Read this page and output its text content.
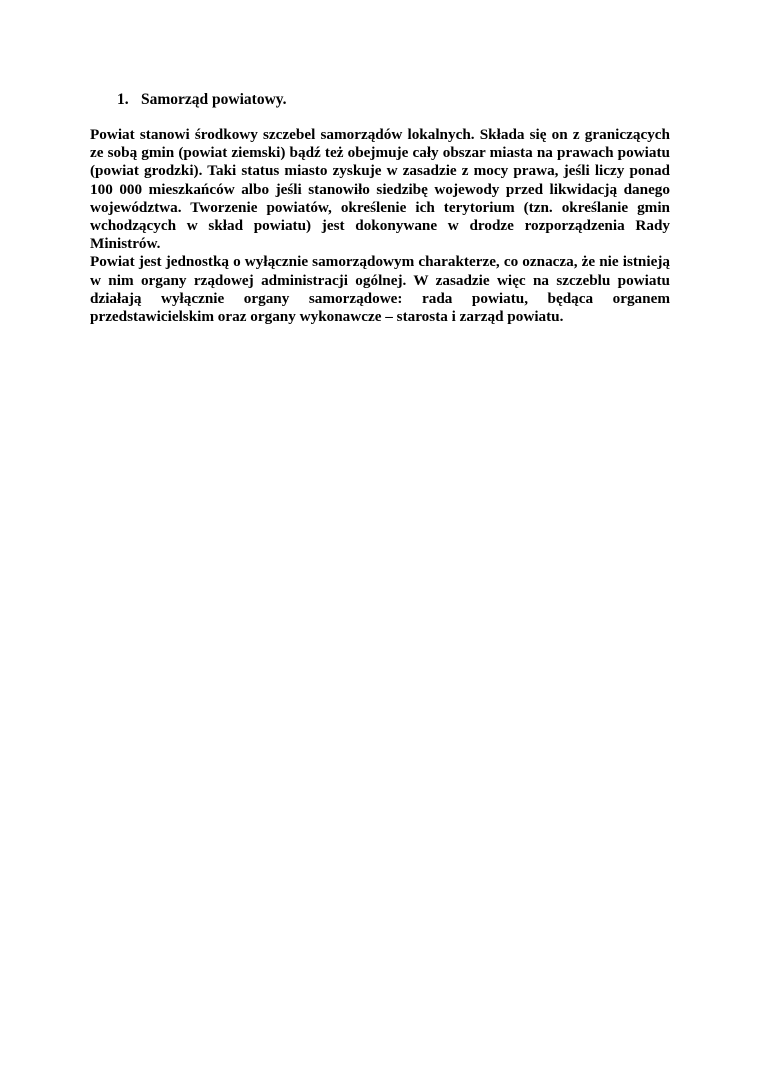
1. Samorząd powiatowy.

Powiat stanowi środkowy szczebel samorządów lokalnych. Składa się on z graniczących ze sobą gmin (powiat ziemski) bądź też obejmuje cały obszar miasta na prawach powiatu (powiat grodzki). Taki status miasto zyskuje w zasadzie z mocy prawa, jeśli liczy ponad 100 000 mieszkańców albo jeśli stanowiło siedzibę wojewody przed likwidacją danego województwa. Tworzenie powiatów, określenie ich terytorium (tzn. określanie gmin wchodzących w skład powiatu) jest dokonywane w drodze rozporządzenia Rady Ministrów.

Powiat jest jednostką o wyłącznie samorządowym charakterze, co oznacza, że nie istnieją w nim organy rządowej administracji ogólnej. W zasadzie więc na szczeblu powiatu działają wyłącznie organy samorządowe: rada powiatu, będąca organem przedstawicielskim oraz organy wykonawcze – starosta i zarząd powiatu.
